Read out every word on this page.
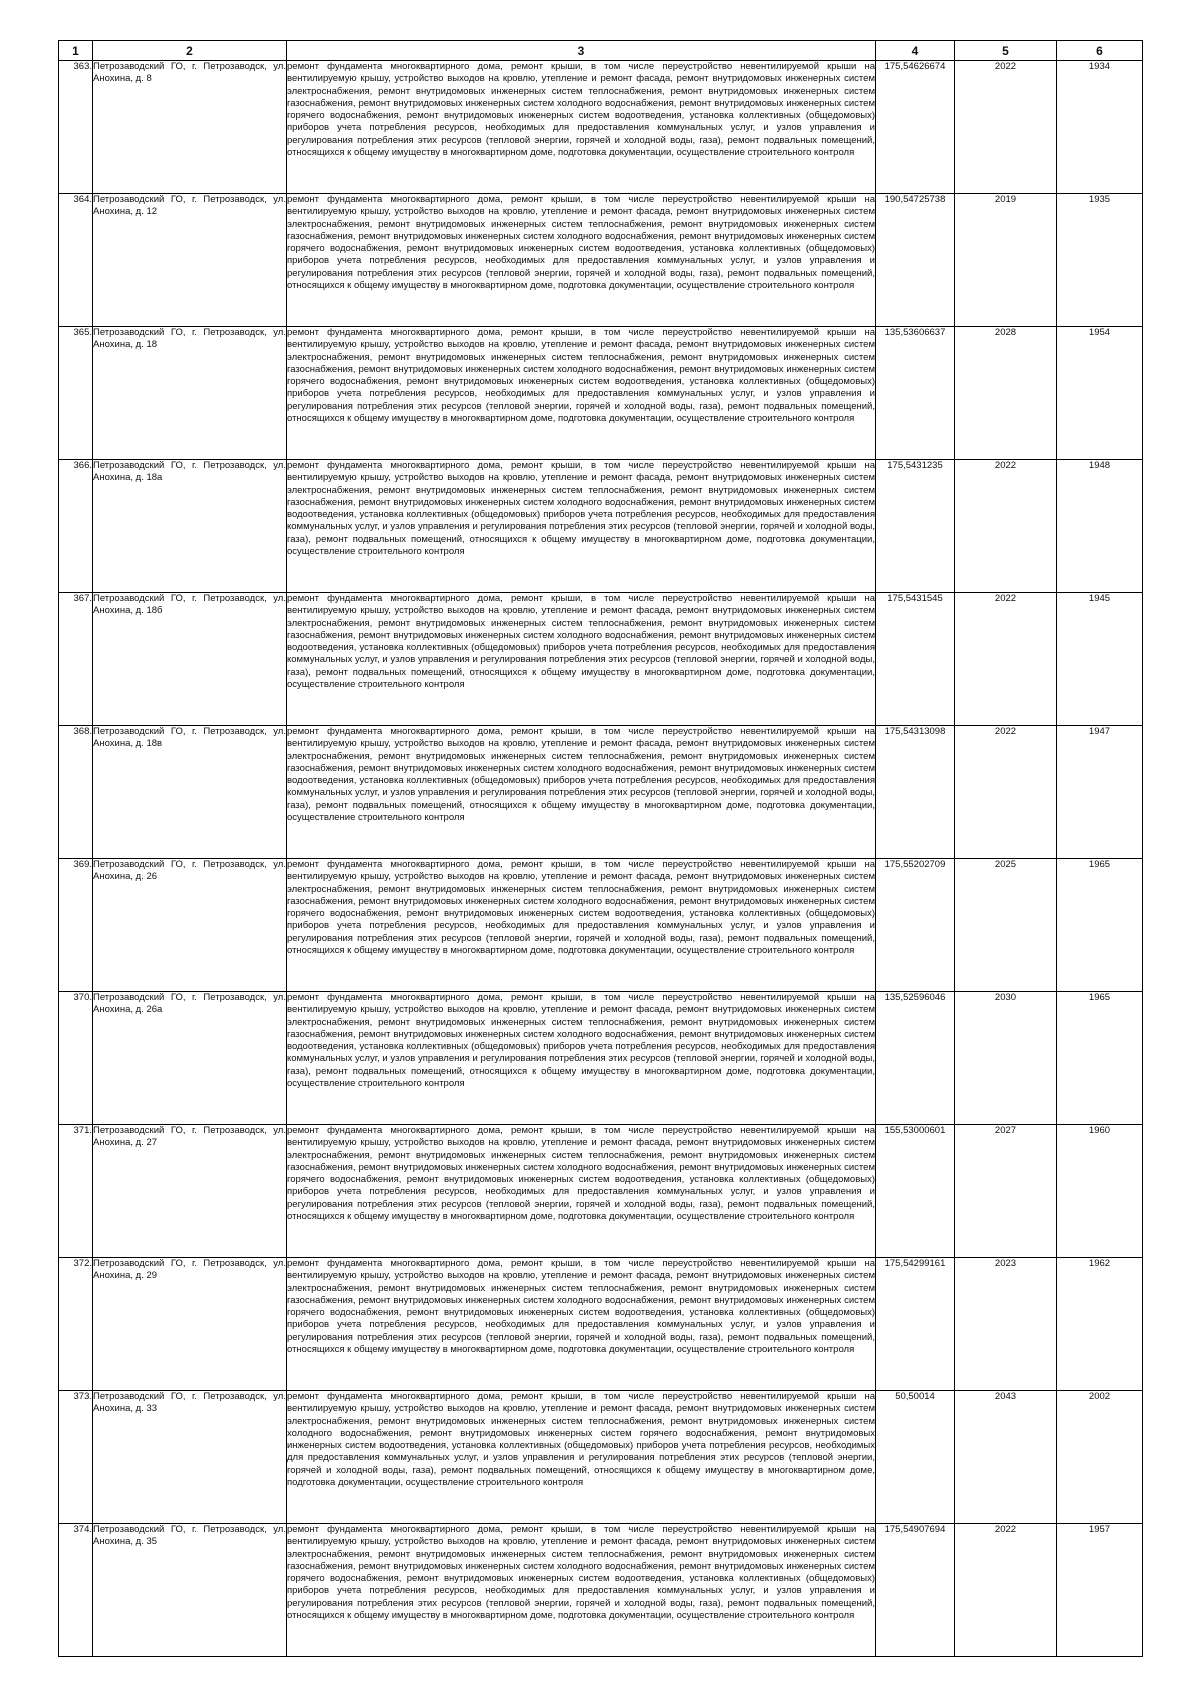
1	2	3	4	5	6
363.	Петрозаводский ГО, г. Петрозаводск, ул. Анохина, д. 8	ремонт фундамента многоквартирного дома, ремонт крыши, в том числе переустройство невентилируемой крыши на вентилируемую крышу, устройство выходов на кровлю, утепление и ремонт фасада, ремонт внутридомовых инженерных систем электроснабжения, ремонт внутридомовых инженерных систем теплоснабжения, ремонт внутридомовых инженерных систем газоснабжения, ремонт внутридомовых инженерных систем холодного водоснабжения, ремонт внутридомовых инженерных систем горячего водоснабжения, ремонт внутридомовых инженерных систем водоотведения, установка коллективных (общедомовых) приборов учета потребления ресурсов, необходимых для предоставления коммунальных услуг, и узлов управления и регулирования потребления этих ресурсов (тепловой энергии, горячей и холодной воды, газа), ремонт подвальных помещений, относящихся к общему имуществу в многоквартирном доме, подготовка документации, осуществление строительного контроля	175,54626674	2022	1934
364.	Петрозаводский ГО, г. Петрозаводск, ул. Анохина, д. 12	ремонт фундамента многоквартирного дома, ремонт крыши, в том числе переустройство невентилируемой крыши на вентилируемую крышу, устройство выходов на кровлю, утепление и ремонт фасада, ремонт внутридомовых инженерных систем электроснабжения, ремонт внутридомовых инженерных систем теплоснабжения, ремонт внутридомовых инженерных систем газоснабжения, ремонт внутридомовых инженерных систем холодного водоснабжения, ремонт внутридомовых инженерных систем горячего водоснабжения, ремонт внутридомовых инженерных систем водоотведения, установка коллективных (общедомовых) приборов учета потребления ресурсов, необходимых для предоставления коммунальных услуг, и узлов управления и регулирования потребления этих ресурсов (тепловой энергии, горячей и холодной воды, газа), ремонт подвальных помещений, относящихся к общему имуществу в многоквартирном доме, подготовка документации, осуществление строительного контроля	190,54725738	2019	1935
365.	Петрозаводский ГО, г. Петрозаводск, ул. Анохина, д. 18	ремонт фундамента многоквартирного дома, ремонт крыши, в том числе переустройство невентилируемой крыши на вентилируемую крышу, устройство выходов на кровлю, утепление и ремонт фасада, ремонт внутридомовых инженерных систем электроснабжения, ремонт внутридомовых инженерных систем теплоснабжения, ремонт внутридомовых инженерных систем газоснабжения, ремонт внутридомовых инженерных систем холодного водоснабжения, ремонт внутридомовых инженерных систем горячего водоснабжения, ремонт внутридомовых инженерных систем водоотведения, установка коллективных (общедомовых) приборов учета потребления ресурсов, необходимых для предоставления коммунальных услуг, и узлов управления и регулирования потребления этих ресурсов (тепловой энергии, горячей и холодной воды, газа), ремонт подвальных помещений, относящихся к общему имуществу в многоквартирном доме, подготовка документации, осуществление строительного контроля	135,53606637	2028	1954
366.	Петрозаводский ГО, г. Петрозаводск, ул. Анохина, д. 18а	ремонт фундамента многоквартирного дома, ремонт крыши, в том числе переустройство невентилируемой крыши на вентилируемую крышу, устройство выходов на кровлю, утепление и ремонт фасада, ремонт внутридомовых инженерных систем электроснабжения, ремонт внутридомовых инженерных систем теплоснабжения, ремонт внутридомовых инженерных систем газоснабжения, ремонт внутридомовых инженерных систем холодного водоснабжения, ремонт внутридомовых инженерных систем водоотведения, установка коллективных (общедомовых) приборов учета потребления ресурсов, необходимых для предоставления коммунальных услуг, и узлов управления и регулирования потребления этих ресурсов (тепловой энергии, горячей и холодной воды, газа), ремонт подвальных помещений, относящихся к общему имуществу в многоквартирном доме, подготовка документации, осуществление строительного контроля	175,5431235	2022	1948
367.	Петрозаводский ГО, г. Петрозаводск, ул. Анохина, д. 18б	ремонт фундамента многоквартирного дома, ремонт крыши, в том числе переустройство невентилируемой крыши на вентилируемую крышу, устройство выходов на кровлю, утепление и ремонт фасада, ремонт внутридомовых инженерных систем электроснабжения, ремонт внутридомовых инженерных систем теплоснабжения, ремонт внутридомовых инженерных систем газоснабжения, ремонт внутридомовых инженерных систем холодного водоснабжения, ремонт внутридомовых инженерных систем водоотведения, установка коллективных (общедомовых) приборов учета потребления ресурсов, необходимых для предоставления коммунальных услуг, и узлов управления и регулирования потребления этих ресурсов (тепловой энергии, горячей и холодной воды, газа), ремонт подвальных помещений, относящихся к общему имуществу в многоквартирном доме, подготовка документации, осуществление строительного контроля	175,5431545	2022	1945
368.	Петрозаводский ГО, г. Петрозаводск, ул. Анохина, д. 18в	ремонт фундамента многоквартирного дома, ремонт крыши, в том числе переустройство невентилируемой крыши на вентилируемую крышу, устройство выходов на кровлю, утепление и ремонт фасада, ремонт внутридомовых инженерных систем электроснабжения, ремонт внутридомовых инженерных систем теплоснабжения, ремонт внутридомовых инженерных систем газоснабжения, ремонт внутридомовых инженерных систем холодного водоснабжения, ремонт внутридомовых инженерных систем водоотведения, установка коллективных (общедомовых) приборов учета потребления ресурсов, необходимых для предоставления коммунальных услуг, и узлов управления и регулирования потребления этих ресурсов (тепловой энергии, горячей и холодной воды, газа), ремонт подвальных помещений, относящихся к общему имуществу в многоквартирном доме, подготовка документации, осуществление строительного контроля	175,54313098	2022	1947
369.	Петрозаводский ГО, г. Петрозаводск, ул. Анохина, д. 26	ремонт фундамента многоквартирного дома, ремонт крыши, в том числе переустройство невентилируемой крыши на вентилируемую крышу, устройство выходов на кровлю, утепление и ремонт фасада, ремонт внутридомовых инженерных систем электроснабжения, ремонт внутридомовых инженерных систем теплоснабжения, ремонт внутридомовых инженерных систем газоснабжения, ремонт внутридомовых инженерных систем холодного водоснабжения, ремонт внутридомовых инженерных систем горячего водоснабжения, ремонт внутридомовых инженерных систем водоотведения, установка коллективных (общедомовых) приборов учета потребления ресурсов, необходимых для предоставления коммунальных услуг, и узлов управления и регулирования потребления этих ресурсов (тепловой энергии, горячей и холодной воды, газа), ремонт подвальных помещений, относящихся к общему имуществу в многоквартирном доме, подготовка документации, осуществление строительного контроля	175,55202709	2025	1965
370.	Петрозаводский ГО, г. Петрозаводск, ул. Анохина, д. 26а	ремонт фундамента многоквартирного дома, ремонт крыши, в том числе переустройство невентилируемой крыши на вентилируемую крышу, устройство выходов на кровлю, утепление и ремонт фасада, ремонт внутридомовых инженерных систем электроснабжения, ремонт внутридомовых инженерных систем теплоснабжения, ремонт внутридомовых инженерных систем газоснабжения, ремонт внутридомовых инженерных систем холодного водоснабжения, ремонт внутридомовых инженерных систем водоотведения, установка коллективных (общедомовых) приборов учета потребления ресурсов, необходимых для предоставления коммунальных услуг, и узлов управления и регулирования потребления этих ресурсов (тепловой энергии, горячей и холодной воды, газа), ремонт подвальных помещений, относящихся к общему имуществу в многоквартирном доме, подготовка документации, осуществление строительного контроля	135,52596046	2030	1965
371.	Петрозаводский ГО, г. Петрозаводск, ул. Анохина, д. 27	ремонт фундамента многоквартирного дома, ремонт крыши, в том числе переустройство невентилируемой крыши на вентилируемую крышу, устройство выходов на кровлю, утепление и ремонт фасада, ремонт внутридомовых инженерных систем электроснабжения, ремонт внутридомовых инженерных систем теплоснабжения, ремонт внутридомовых инженерных систем газоснабжения, ремонт внутридомовых инженерных систем холодного водоснабжения, ремонт внутридомовых инженерных систем горячего водоснабжения, ремонт внутридомовых инженерных систем водоотведения, установка коллективных (общедомовых) приборов учета потребления ресурсов, необходимых для предоставления коммунальных услуг, и узлов управления и регулирования потребления этих ресурсов (тепловой энергии, горячей и холодной воды, газа), ремонт подвальных помещений, относящихся к общему имуществу в многоквартирном доме, подготовка документации, осуществление строительного контроля	155,53000601	2027	1960
372.	Петрозаводский ГО, г. Петрозаводск, ул. Анохина, д. 29	ремонт фундамента многоквартирного дома, ремонт крыши, в том числе переустройство невентилируемой крыши на вентилируемую крышу, устройство выходов на кровлю, утепление и ремонт фасада, ремонт внутридомовых инженерных систем электроснабжения, ремонт внутридомовых инженерных систем теплоснабжения, ремонт внутридомовых инженерных систем газоснабжения, ремонт внутридомовых инженерных систем холодного водоснабжения, ремонт внутридомовых инженерных систем горячего водоснабжения, ремонт внутридомовых инженерных систем водоотведения, установка коллективных (общедомовых) приборов учета потребления ресурсов, необходимых для предоставления коммунальных услуг, и узлов управления и регулирования потребления этих ресурсов (тепловой энергии, горячей и холодной воды, газа), ремонт подвальных помещений, относящихся к общему имуществу в многоквартирном доме, подготовка документации, осуществление строительного контроля	175,54299161	2023	1962
373.	Петрозаводский ГО, г. Петрозаводск, ул. Анохина, д. 33	ремонт фундамента многоквартирного дома, ремонт крыши, в том числе переустройство невентилируемой крыши на вентилируемую крышу, устройство выходов на кровлю, утепление и ремонт фасада, ремонт внутридомовых инженерных систем электроснабжения, ремонт внутридомовых инженерных систем теплоснабжения, ремонт внутридомовых инженерных систем холодного водоснабжения, ремонт внутридомовых инженерных систем горячего водоснабжения, ремонт внутридомовых инженерных систем водоотведения, установка коллективных (общедомовых) приборов учета потребления ресурсов, необходимых для предоставления коммунальных услуг, и узлов управления и регулирования потребления этих ресурсов (тепловой энергии, горячей и холодной воды, газа), ремонт подвальных помещений, относящихся к общему имуществу в многоквартирном доме, подготовка документации, осуществление строительного контроля	50,50014	2043	2002
374.	Петрозаводский ГО, г. Петрозаводск, ул. Анохина, д. 35	ремонт фундамента многоквартирного дома, ремонт крыши, в том числе переустройство невентилируемой крыши на вентилируемую крышу, устройство выходов на кровлю, утепление и ремонт фасада, ремонт внутридомовых инженерных систем электроснабжения, ремонт внутридомовых инженерных систем теплоснабжения, ремонт внутридомовых инженерных систем газоснабжения, ремонт внутридомовых инженерных систем холодного водоснабжения, ремонт внутридомовых инженерных систем горячего водоснабжения, ремонт внутридомовых инженерных систем водоотведения, установка коллективных (общедомовых) приборов учета потребления ресурсов, необходимых для предоставления коммунальных услуг, и узлов управления и регулирования потребления этих ресурсов (тепловой энергии, горячей и холодной воды, газа), ремонт подвальных помещений, относящихся к общему имуществу в многоквартирном доме, подготовка документации, осуществление строительного контроля	175,54907694	2022	1957
